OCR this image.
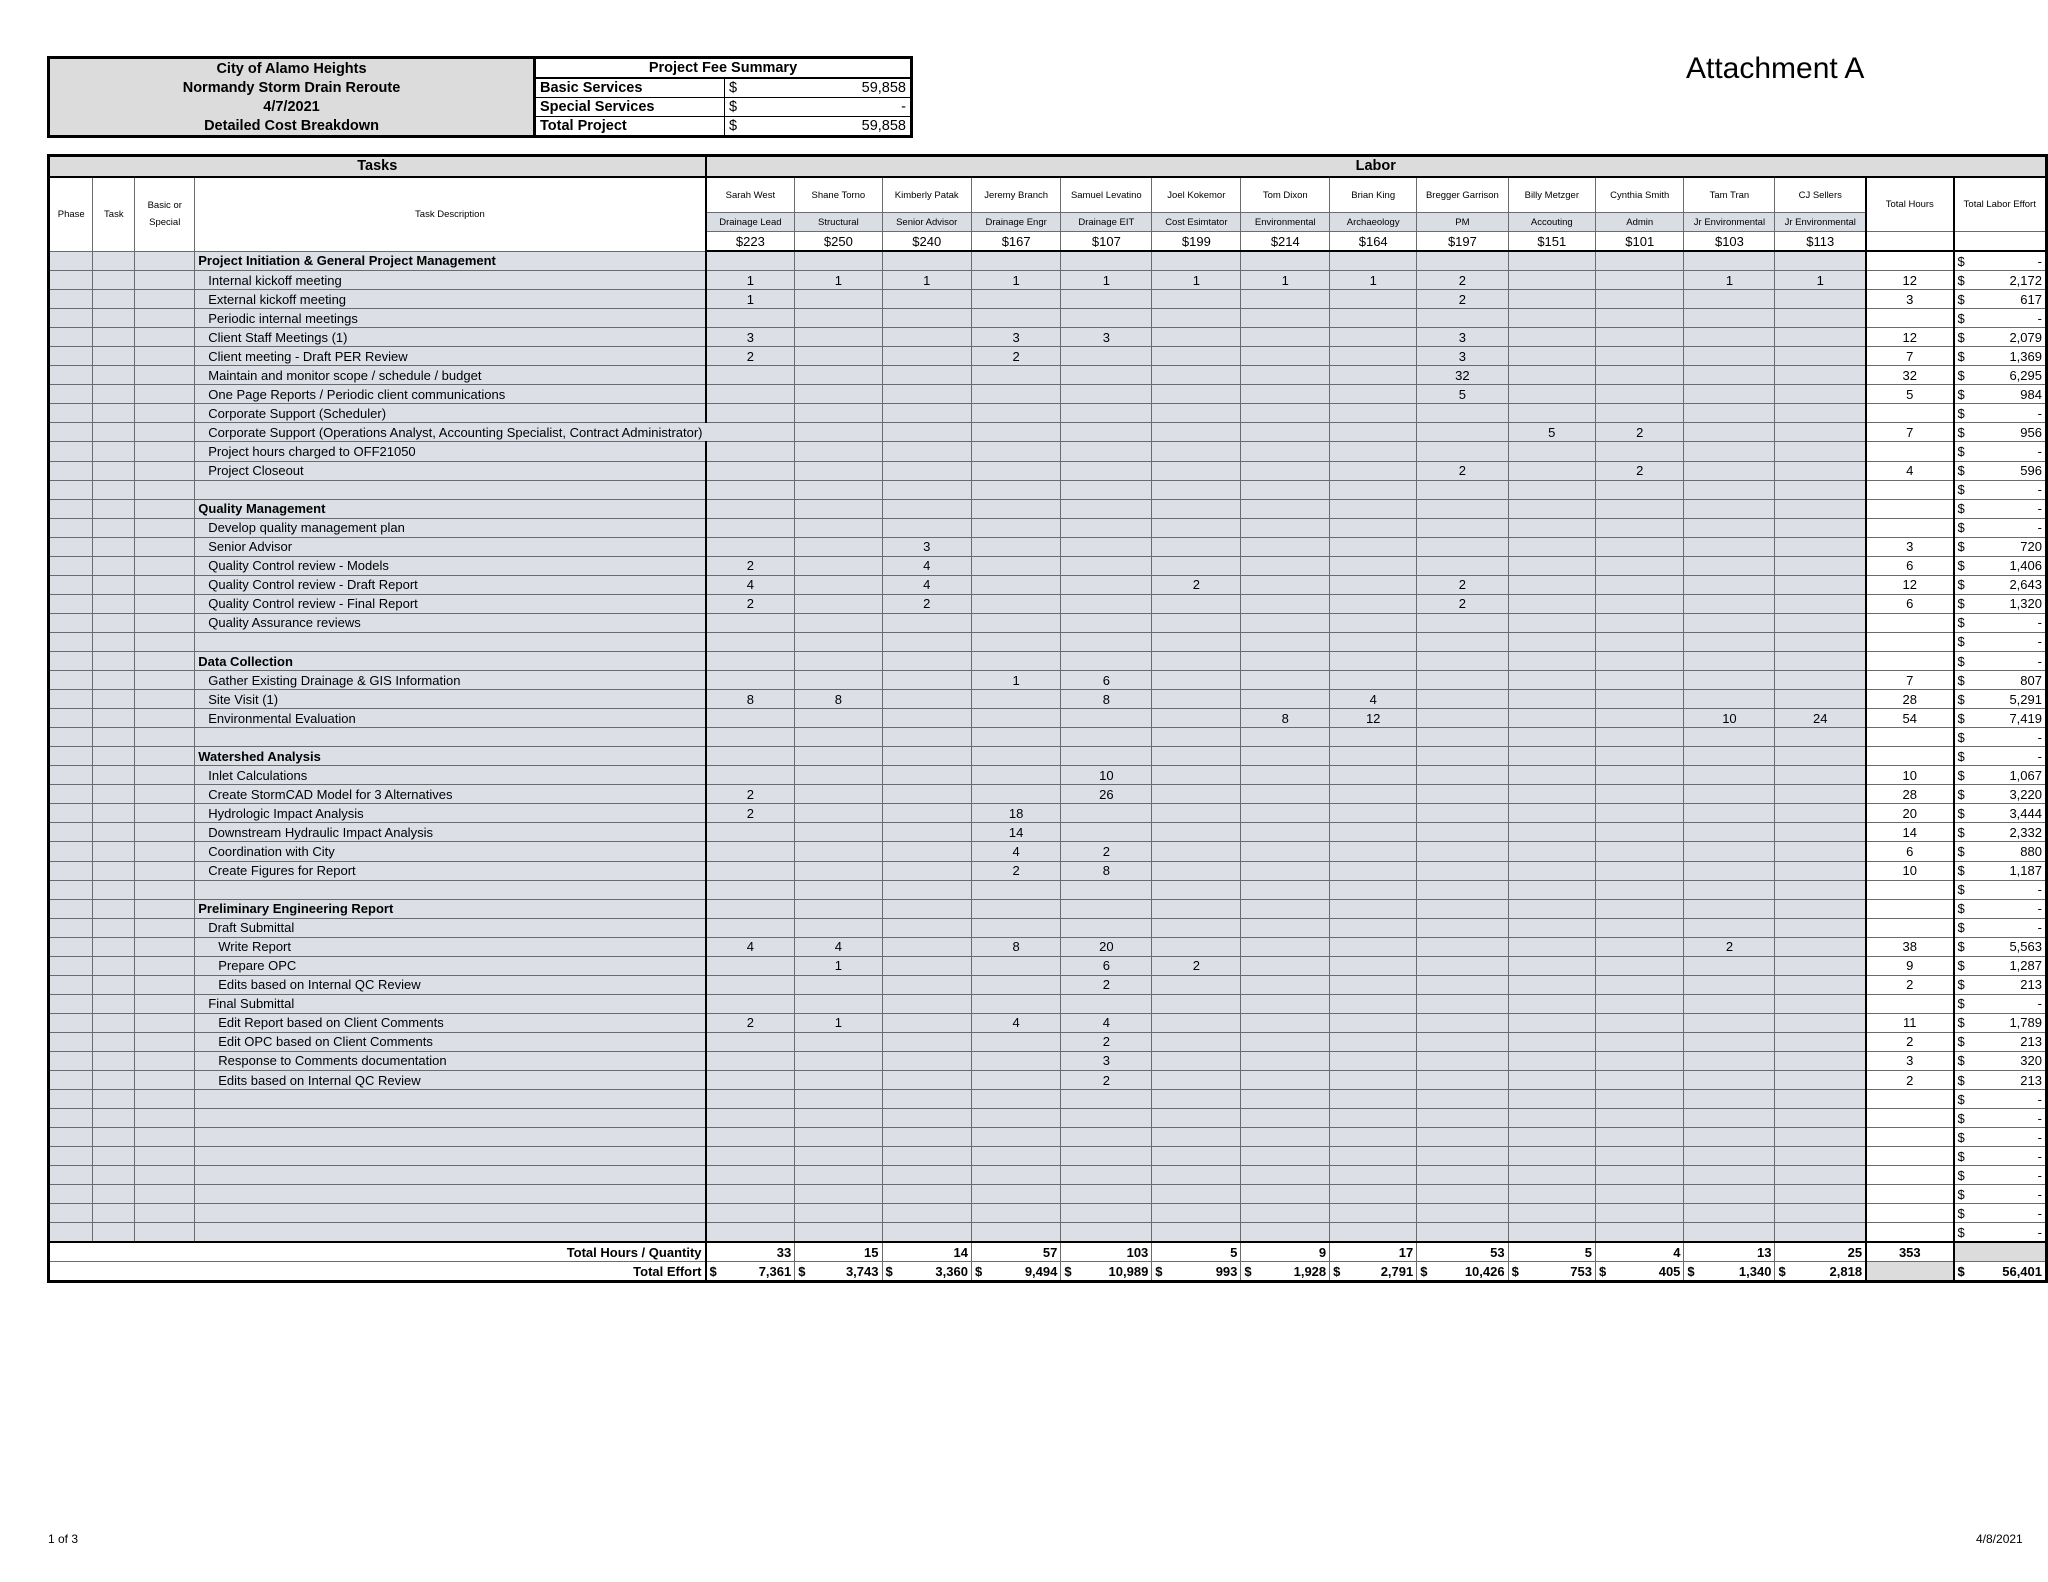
City of Alamo Heights	Project Fee Summary		
Normandy Storm Drain Reroute	Basic Services	$	59,858
4/7/2021	Special Services	$	-
Detailed Cost Breakdown	Total Project	$	59,858
Attachment A
Tasks				Labor														
Phase	Task	Basic or Special	Task Description	Sarah West	Shane Torno	Kimberly Patak	Jeremy Branch	Samuel Levatino	Joel Kokemor	Tom Dixon	Brian King	Bregger Garrison	Billy Metzger	Cynthia Smith	Tam Tran	CJ Sellers	Total Hours	Total Labor Effort
				Drainage Lead	Structural	Senior Advisor	Drainage Engr	Drainage EIT	Cost Esimtator	Environmental	Archaeology	PM	Accouting	Admin	Jr Environmental	Jr Environmental		
				$223	$250	$240	$167	$107	$199	$214	$164	$197	$151	$101	$103	$113		
			Project Initiation & General Project Management															$ -

			Internal kickoff meeting	1	1	1	1	1	1	1	1	2			1	1	12	$ 2,172

			External kickoff meeting	1								2					3	$ 617

			Periodic internal meetings															$ -

			Client Staff Meetings (1)	3			3	3				3					12	$ 2,079

			Client meeting - Draft PER Review	2			2					3					7	$ 1,369

			Maintain and monitor scope / schedule / budget									32					32	$ 6,295

			One Page Reports / Periodic client communications									5					5	$ 984

			Corporate Support (Scheduler)															$ -

			Corporate Support (Operations Analyst, Accounting Specialist, Contract Administrator)										5	2			7	$ 956

			Project hours charged to OFF21050															$ -

			Project Closeout									2		2			4	$ 596

																		$ -

			Quality Management															$ -

			Develop quality management plan															$ -

			Senior Advisor			3											3	$ 720

			Quality Control review - Models	2		4											6	$ 1,406

			Quality Control review - Draft Report	4		4			2			2					12	$ 2,643

			Quality Control review - Final Report	2		2						2					6	$ 1,320

			Quality Assurance reviews															$ -

																		$ -

			Data Collection															$ -

			Gather Existing Drainage & GIS Information				1	6									7	$ 807

			Site Visit (1)	8	8			8			4						28	$ 5,291

			Environmental Evaluation							8	12				10	24	54	$ 7,419

																		$ -

			Watershed Analysis															$ -

			Inlet Calculations					10									10	$ 1,067

			Create StormCAD Model for 3 Alternatives	2				26									28	$ 3,220

			Hydrologic Impact Analysis	2			18										20	$ 3,444

			Downstream Hydraulic Impact Analysis				14										14	$ 2,332

			Coordination with City				4	2									6	$ 880

			Create Figures for Report				2	8									10	$ 1,187

																		$ -

			Preliminary Engineering Report															$ -

			Draft Submittal															$ -

			Write Report	4	4		8	20							2		38	$ 5,563

			Prepare OPC		1			6	2								9	$ 1,287

			Edits based on Internal QC Review					2									2	$ 213

			Final Submittal															$ -

			Edit Report based on Client Comments	2	1		4	4									11	$ 1,789

			Edit OPC based on Client Comments					2									2	$ 213

			Response to Comments documentation					3									3	$ 320

			Edits based on Internal QC Review					2									2	$ 213

																		$ -

																		$ -

																		$ -

																		$ -

																		$ -

																		$ -

																		$ -

																		$ -

Total Hours / Quantity				33	15	14	57	103	5	9	17	53	5	4	13	25	353	
Total Effort				$ 7,361	$ 3,743	$ 3,360	$ 9,494	$ 10,989	$ 993	$ 1,928	$ 2,791	$ 10,426	$ 753	$ 405	$ 1,340	$ 2,818		$ 56,401
1 of 3	4/8/2021
